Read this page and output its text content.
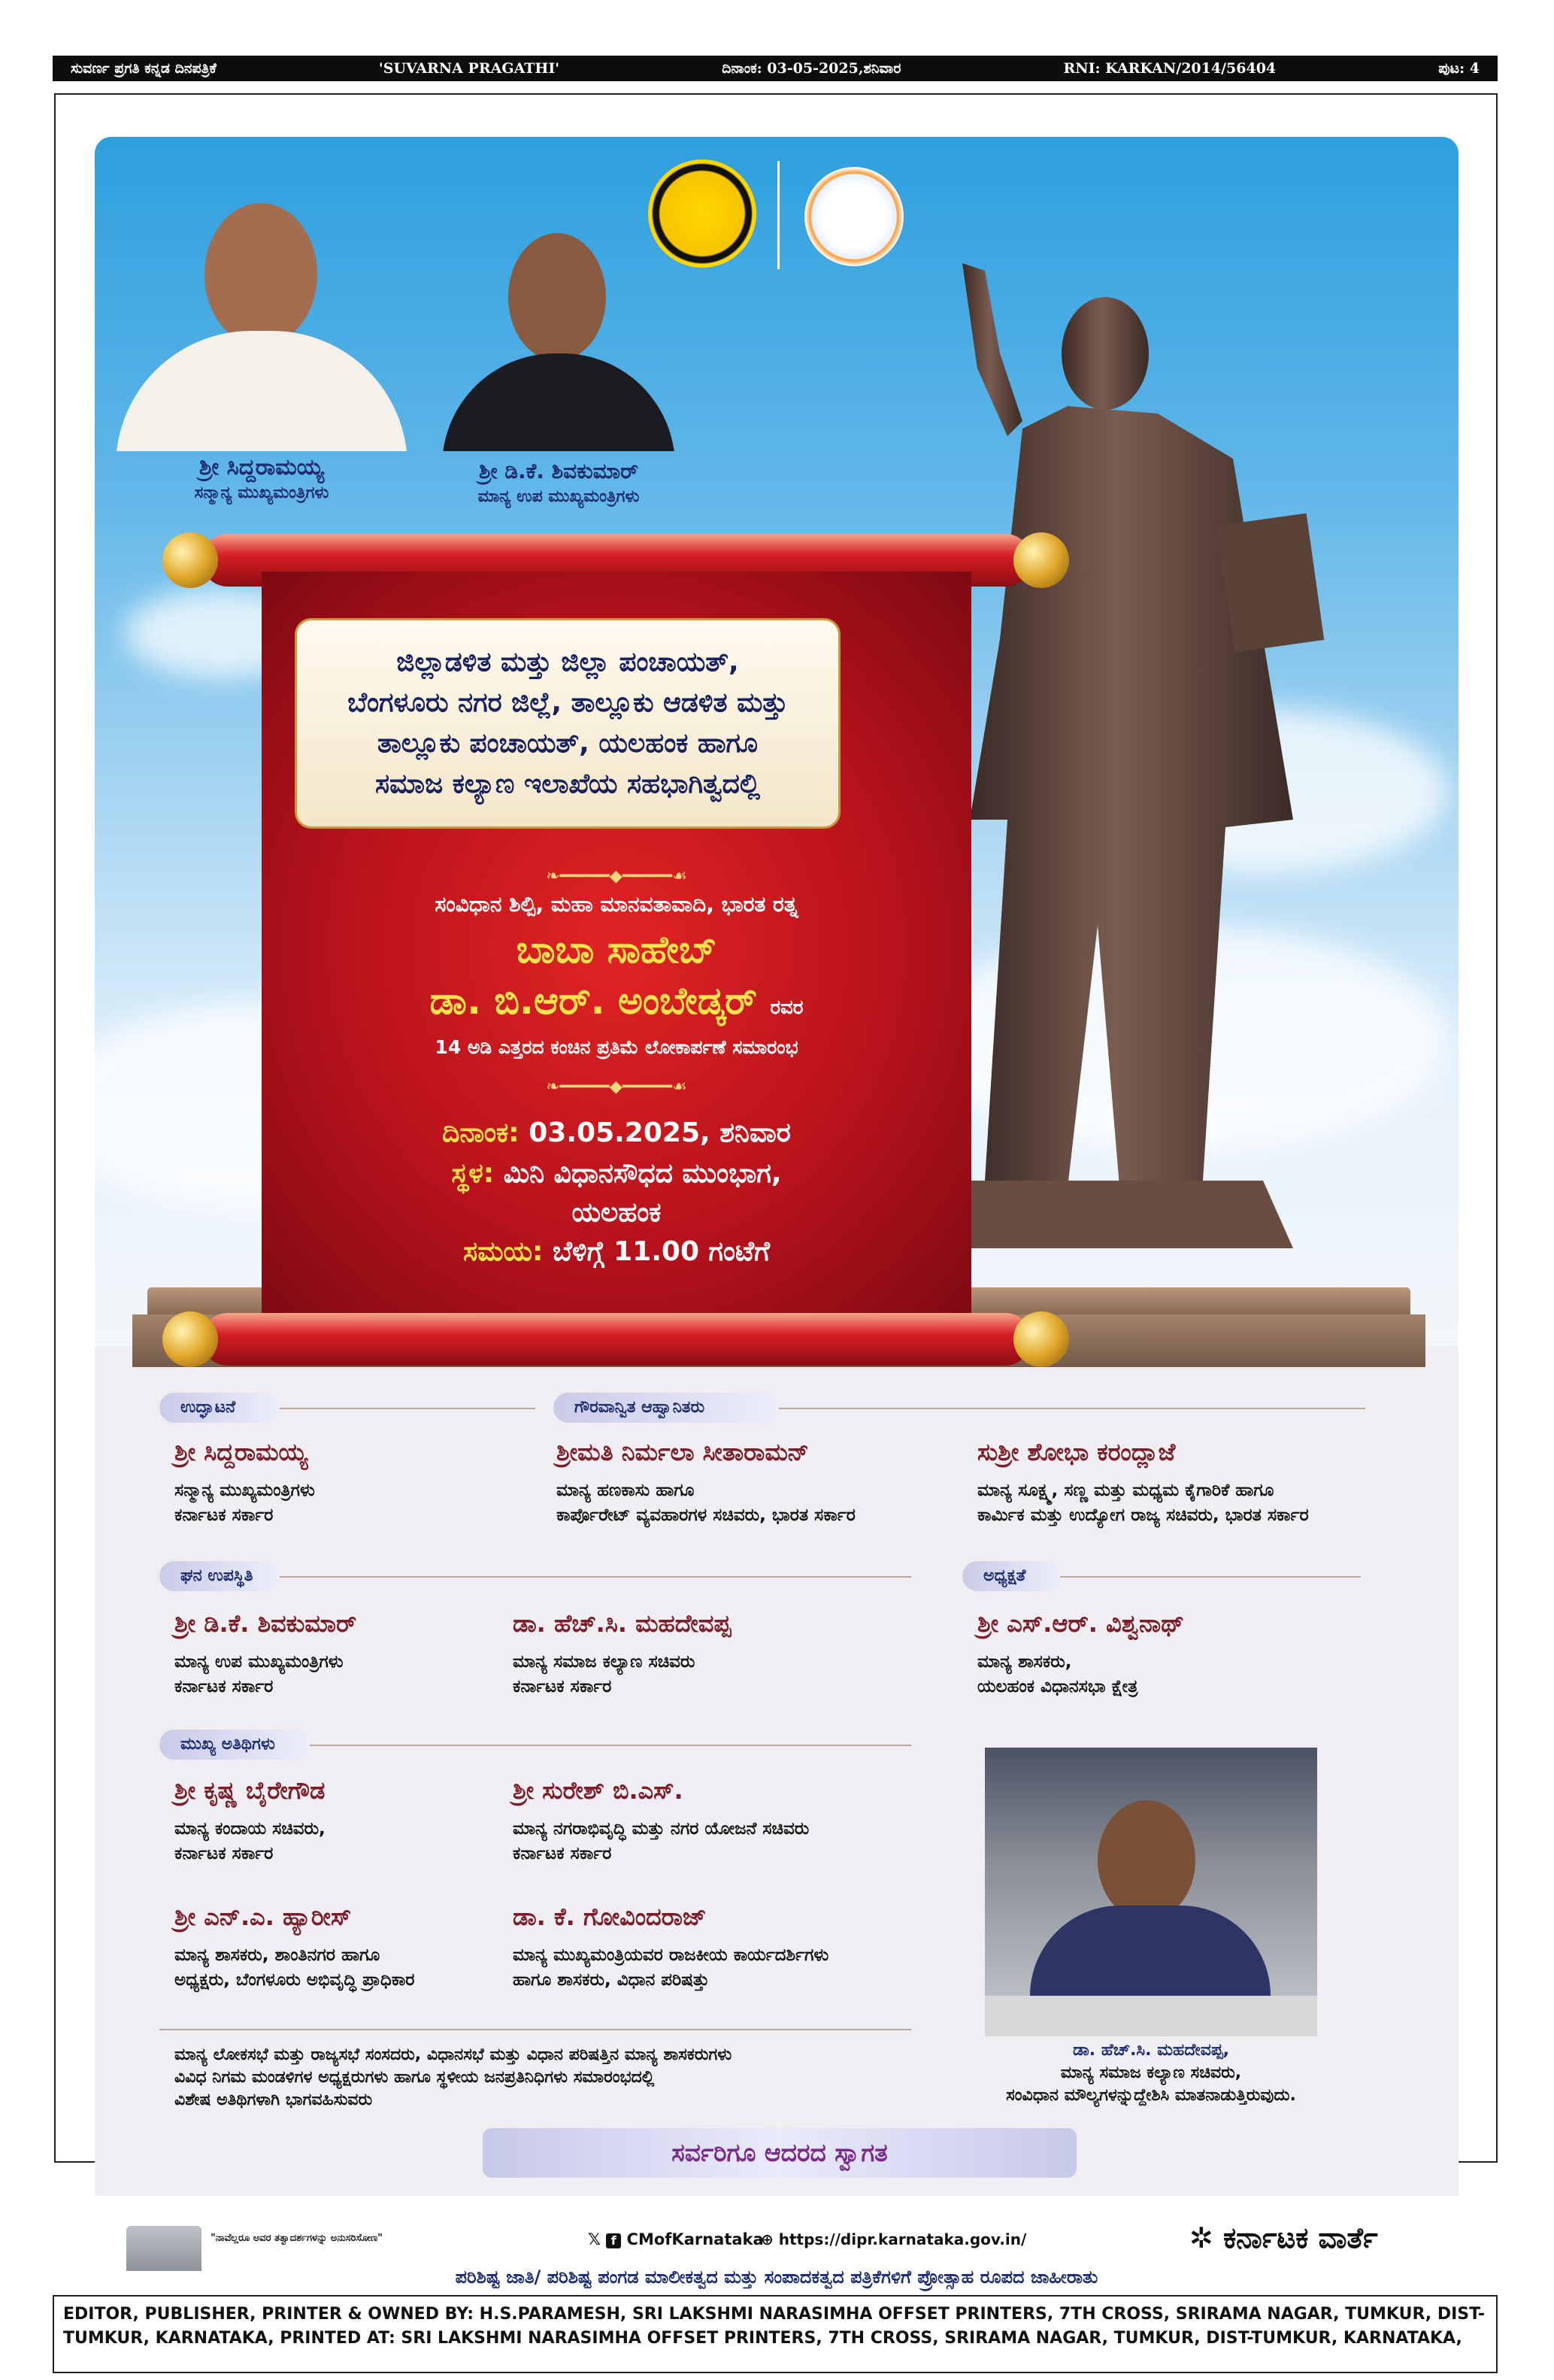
ಸುವರ್ಣ ಪ್ರಗತಿ ಕನ್ನಡ ದಿನಪತ್ರಿಕೆ	'SUVARNA PRAGATHI'	ದಿನಾಂಕ: 03-05-2025,ಶನಿವಾರ	RNI: KARKAN/2014/56404	ಪುಟ: 4
ಶ್ರೀ ಸಿದ್ದರಾಮಯ್ಯ
ಸನ್ಮಾನ್ಯ ಮುಖ್ಯಮಂತ್ರಿಗಳು
ಶ್ರೀ ಡಿ.ಕೆ. ಶಿವಕುಮಾರ್
ಮಾನ್ಯ ಉಪ ಮುಖ್ಯಮಂತ್ರಿಗಳು
ಜಿಲ್ಲಾಡಳಿತ ಮತ್ತು ಜಿಲ್ಲಾ ಪಂಚಾಯತ್,
ಬೆಂಗಳೂರು ನಗರ ಜಿಲ್ಲೆ, ತಾಲ್ಲೂಕು ಆಡಳಿತ ಮತ್ತು
ತಾಲ್ಲೂಕು ಪಂಚಾಯತ್, ಯಲಹಂಕ ಹಾಗೂ
ಸಮಾಜ ಕಲ್ಯಾಣ ಇಲಾಖೆಯ ಸಹಭಾಗಿತ್ವದಲ್ಲಿ
ಸಂವಿಧಾನ ಶಿಲ್ಪಿ, ಮಹಾ ಮಾನವತಾವಾದಿ, ಭಾರತ ರತ್ನ
ಬಾಬಾ ಸಾಹೇಬ್
ಡಾ. ಬಿ.ಆರ್. ಅಂಬೇಡ್ಕರ್ ರವರ
14 ಅಡಿ ಎತ್ತರದ ಕಂಚಿನ ಪ್ರತಿಮೆ ಲೋಕಾರ್ಪಣೆ ಸಮಾರಂಭ
❧━━━━━◆━━━━━☙
❧━━━━━◆━━━━━☙
ದಿನಾಂಕ: 03.05.2025, ಶನಿವಾರ
ಸ್ಥಳ: ಮಿನಿ ವಿಧಾನಸೌಧದ ಮುಂಭಾಗ,
ಯಲಹಂಕ
ಸಮಯ: ಬೆಳಿಗ್ಗೆ 11.00 ಗಂಟೆಗೆ
ಉದ್ಘಾಟನೆ	ಗೌರವಾನ್ವಿತ ಆಹ್ವಾನಿತರು
ಶ್ರೀ ಸಿದ್ದರಾಮಯ್ಯ
ಸನ್ಮಾನ್ಯ ಮುಖ್ಯಮಂತ್ರಿಗಳು
ಕರ್ನಾಟಕ ಸರ್ಕಾರ
ಶ್ರೀಮತಿ ನಿರ್ಮಲಾ ಸೀತಾರಾಮನ್
ಮಾನ್ಯ ಹಣಕಾಸು ಹಾಗೂ
ಕಾರ್ಪೊರೇಟ್ ವ್ಯವಹಾರಗಳ ಸಚಿವರು, ಭಾರತ ಸರ್ಕಾರ
ಸುಶ್ರೀ ಶೋಭಾ ಕರಂದ್ಲಾಜೆ
ಮಾನ್ಯ ಸೂಕ್ಷ್ಮ, ಸಣ್ಣ ಮತ್ತು ಮಧ್ಯಮ ಕೈಗಾರಿಕೆ ಹಾಗೂ
ಕಾರ್ಮಿಕ ಮತ್ತು ಉದ್ಯೋಗ ರಾಜ್ಯ ಸಚಿವರು, ಭಾರತ ಸರ್ಕಾರ
ಘನ ಉಪಸ್ಥಿತಿ	ಅಧ್ಯಕ್ಷತೆ
ಶ್ರೀ ಡಿ.ಕೆ. ಶಿವಕುಮಾರ್
ಮಾನ್ಯ ಉಪ ಮುಖ್ಯಮಂತ್ರಿಗಳು
ಕರ್ನಾಟಕ ಸರ್ಕಾರ
ಡಾ. ಹೆಚ್.ಸಿ. ಮಹದೇವಪ್ಪ
ಮಾನ್ಯ ಸಮಾಜ ಕಲ್ಯಾಣ ಸಚಿವರು
ಕರ್ನಾಟಕ ಸರ್ಕಾರ
ಶ್ರೀ ಎಸ್.ಆರ್. ವಿಶ್ವನಾಥ್
ಮಾನ್ಯ ಶಾಸಕರು,
ಯಲಹಂಕ ವಿಧಾನಸಭಾ ಕ್ಷೇತ್ರ
ಮುಖ್ಯ ಅತಿಥಿಗಳು
ಶ್ರೀ ಕೃಷ್ಣ ಬೈರೇಗೌಡ
ಮಾನ್ಯ ಕಂದಾಯ ಸಚಿವರು,
ಕರ್ನಾಟಕ ಸರ್ಕಾರ
ಶ್ರೀ ಸುರೇಶ್ ಬಿ.ಎಸ್.
ಮಾನ್ಯ ನಗರಾಭಿವೃದ್ಧಿ ಮತ್ತು ನಗರ ಯೋಜನೆ ಸಚಿವರು
ಕರ್ನಾಟಕ ಸರ್ಕಾರ
ಶ್ರೀ ಎನ್.ಎ. ಹ್ಯಾರೀಸ್
ಮಾನ್ಯ ಶಾಸಕರು, ಶಾಂತಿನಗರ ಹಾಗೂ
ಅಧ್ಯಕ್ಷರು, ಬೆಂಗಳೂರು ಅಭಿವೃದ್ಧಿ ಪ್ರಾಧಿಕಾರ
ಡಾ. ಕೆ. ಗೋವಿಂದರಾಜ್
ಮಾನ್ಯ ಮುಖ್ಯಮಂತ್ರಿಯವರ ರಾಜಕೀಯ ಕಾರ್ಯದರ್ಶಿಗಳು
ಹಾಗೂ ಶಾಸಕರು, ವಿಧಾನ ಪರಿಷತ್ತು
ಮಾನ್ಯ ಲೋಕಸಭೆ ಮತ್ತು ರಾಜ್ಯಸಭೆ ಸಂಸದರು, ವಿಧಾನಸಭೆ ಮತ್ತು ವಿಧಾನ ಪರಿಷತ್ತಿನ ಮಾನ್ಯ ಶಾಸಕರುಗಳು
ವಿವಿಧ ನಿಗಮ ಮಂಡಳಿಗಳ ಅಧ್ಯಕ್ಷರುಗಳು ಹಾಗೂ ಸ್ಥಳೀಯ ಜನಪ್ರತಿನಿಧಿಗಳು ಸಮಾರಂಭದಲ್ಲಿ
ವಿಶೇಷ ಅತಿಥಿಗಳಾಗಿ ಭಾಗವಹಿಸುವರು
ಡಾ. ಹೆಚ್.ಸಿ. ಮಹದೇವಪ್ಪ,
ಮಾನ್ಯ ಸಮಾಜ ಕಲ್ಯಾಣ ಸಚಿವರು,
ಸಂವಿಧಾನ ಮೌಲ್ಯಗಳನ್ನುದ್ದೇಶಿಸಿ ಮಾತನಾಡುತ್ತಿರುವುದು.
ಸರ್ವರಿಗೂ ಆದರದ ಸ್ವಾಗತ
"ನಾವೆಲ್ಲರೂ ಅವರ ತತ್ವಾದರ್ಶಗಳನ್ನು ಅನುಸರಿಸೋಣ"	𝕏 f CMofKarnataka
⊕ https://dipr.karnataka.gov.in/	✲ ಕರ್ನಾಟಕ ವಾರ್ತೆ
ಪರಿಶಿಷ್ಟ ಜಾತಿ/ ಪರಿಶಿಷ್ಟ ಪಂಗಡ ಮಾಲೀಕತ್ವದ ಮತ್ತು ಸಂಪಾದಕತ್ವದ ಪತ್ರಿಕೆಗಳಿಗೆ ಪ್ರೋತ್ಸಾಹ ರೂಪದ ಜಾಹೀರಾತು
EDITOR, PUBLISHER, PRINTER & OWNED BY: H.S.PARAMESH, SRI LAKSHMI NARASIMHA OFFSET PRINTERS, 7TH CROSS, SRIRAMA NAGAR, TUMKUR, DIST-TUMKUR, KARNATAKA, PRINTED AT: SRI LAKSHMI NARASIMHA OFFSET PRINTERS, 7TH CROSS, SRIRAMA NAGAR, TUMKUR, DIST-TUMKUR, KARNATAKA,
